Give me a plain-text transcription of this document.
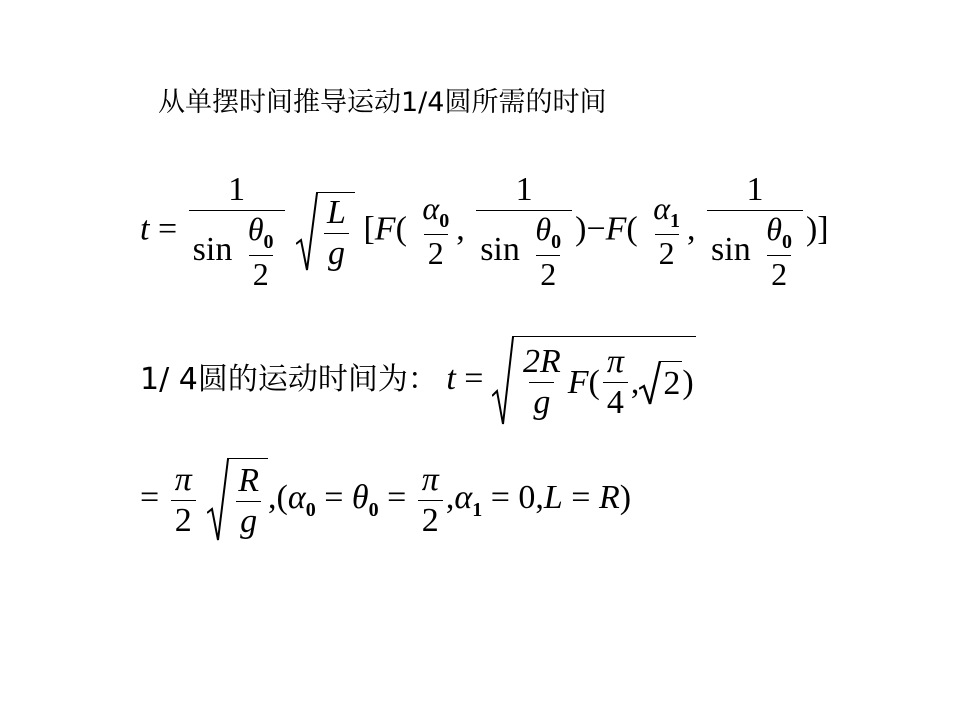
从单摆时间推导运动1/4圆所需的时间
$t = \frac{1}{\sin \frac{\theta_0}{2}}$
$\frac{L}{g} [F( \frac{\alpha_0}{2}$ , $\frac{1}{\sin \frac{\theta_0}{2}} )-F( \frac{\alpha_1}{2}$ , $\frac{1}{\sin \frac{\theta_0}{2}}$ )]
1/ 4圆的运动时间为： $t = \frac{2R}{g}$ F ( $\frac{\pi}{4}$ , 2 )
= $\frac{\pi}{2}$
$\frac{R}{g} ,(\alpha_0 = \theta_0 = \frac{\pi}{2} ,\alpha_1 = 0,L = R)$
